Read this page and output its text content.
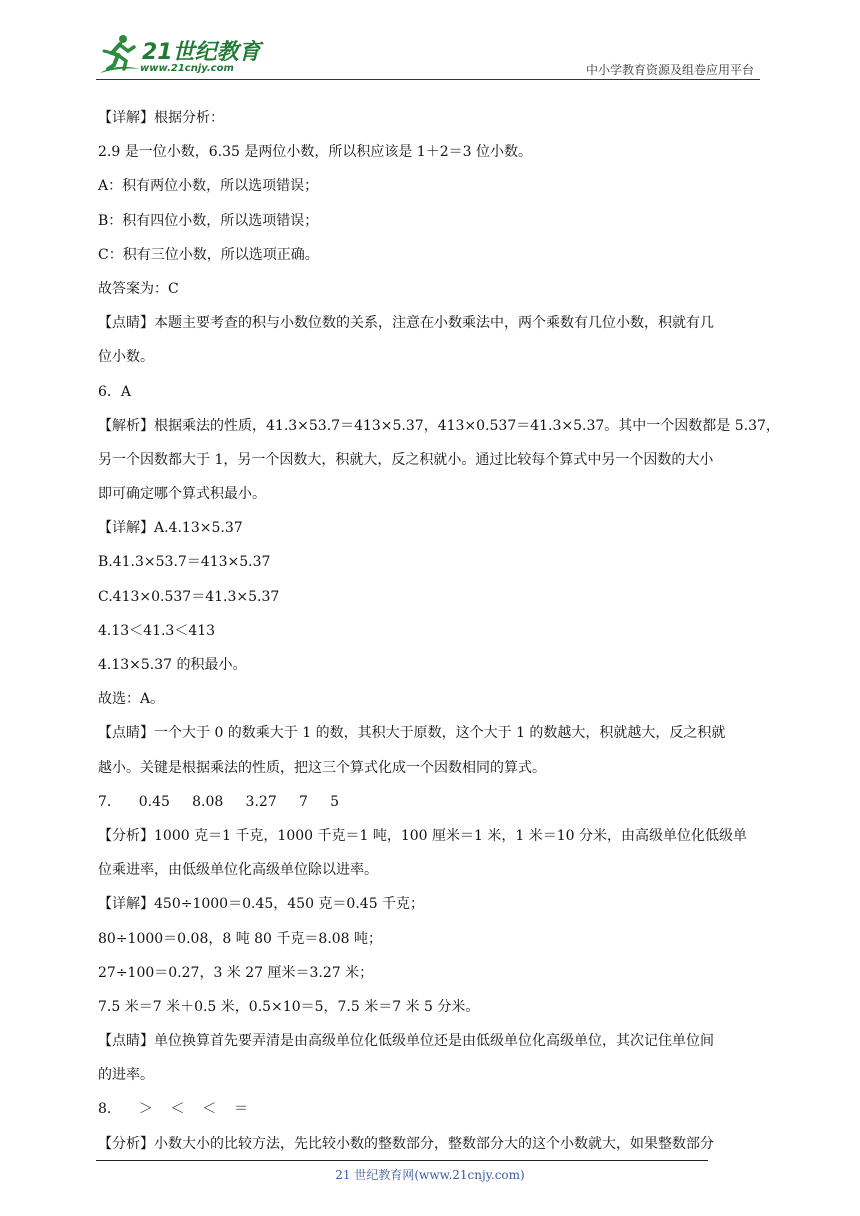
21世纪教育
www.21cnjy.com	中小学教育资源及组卷应用平台
【详解】根据分析：
2.9 是一位小数，6.35 是两位小数，所以积应该是 1＋2＝3 位小数。
A：积有两位小数，所以选项错误；
B：积有四位小数，所以选项错误；
C：积有三位小数，所以选项正确。
故答案为：C
【点睛】本题主要考查的积与小数位数的关系，注意在小数乘法中，两个乘数有几位小数，积就有几
位小数。
6．A
【解析】根据乘法的性质，41.3×53.7＝413×5.37，413×0.537＝41.3×5.37。其中一个因数都是 5.37，
另一个因数都大于 1，另一个因数大，积就大，反之积就小。通过比较每个算式中另一个因数的大小
即可确定哪个算式积最小。
【详解】A.4.13×5.37
B.41.3×53.7＝413×5.37
C.413×0.537＝41.3×5.37
4.13＜41.3＜413
4.13×5.37 的积最小。
故选：A。
【点睛】一个大于 0 的数乘大于 1 的数，其积大于原数，这个大于 1 的数越大，积就越大，反之积就
越小。关键是根据乘法的性质，把这三个算式化成一个因数相同的算式。
7．    0.45     8.08     3.27     7     5
【分析】1000 克＝1 千克，1000 千克＝1 吨，100 厘米＝1 米，1 米＝10 分米，由高级单位化低级单
位乘进率，由低级单位化高级单位除以进率。
【详解】450÷1000＝0.45，450 克＝0.45 千克；
80÷1000＝0.08，8 吨 80 千克＝8.08 吨；
27÷100＝0.27，3 米 27 厘米＝3.27 米；
7.5 米＝7 米＋0.5 米，0.5×10＝5，7.5 米＝7 米 5 分米。
【点睛】单位换算首先要弄清是由高级单位化低级单位还是由低级单位化高级单位，其次记住单位间
的进率。
8．    ＞    ＜    ＜    ＝
【分析】小数大小的比较方法，先比较小数的整数部分，整数部分大的这个小数就大，如果整数部分
21 世纪教育网(www.21cnjy.com)
